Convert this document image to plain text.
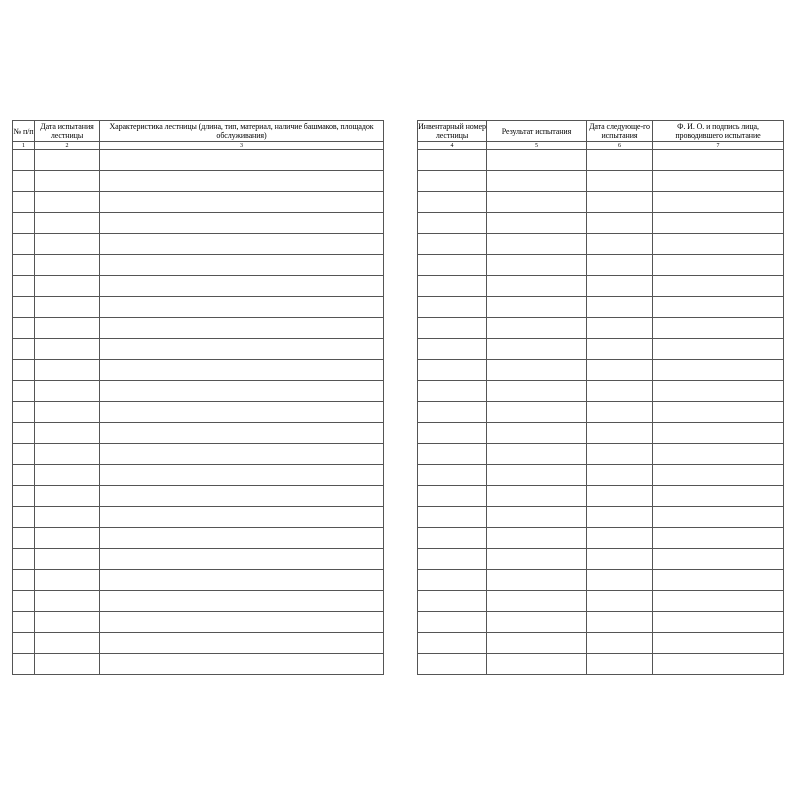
№ п/п	Дата испытания лестницы	Характеристика лестницы (длина, тип, материал, наличие башмаков, площадок обслуживания)
1	2	3

Инвентарный номер лестницы	Результат испытания	Дата следующе-го испытания	Ф. И. О. и подпись лица, проводившего испытание
4	5	6	7
